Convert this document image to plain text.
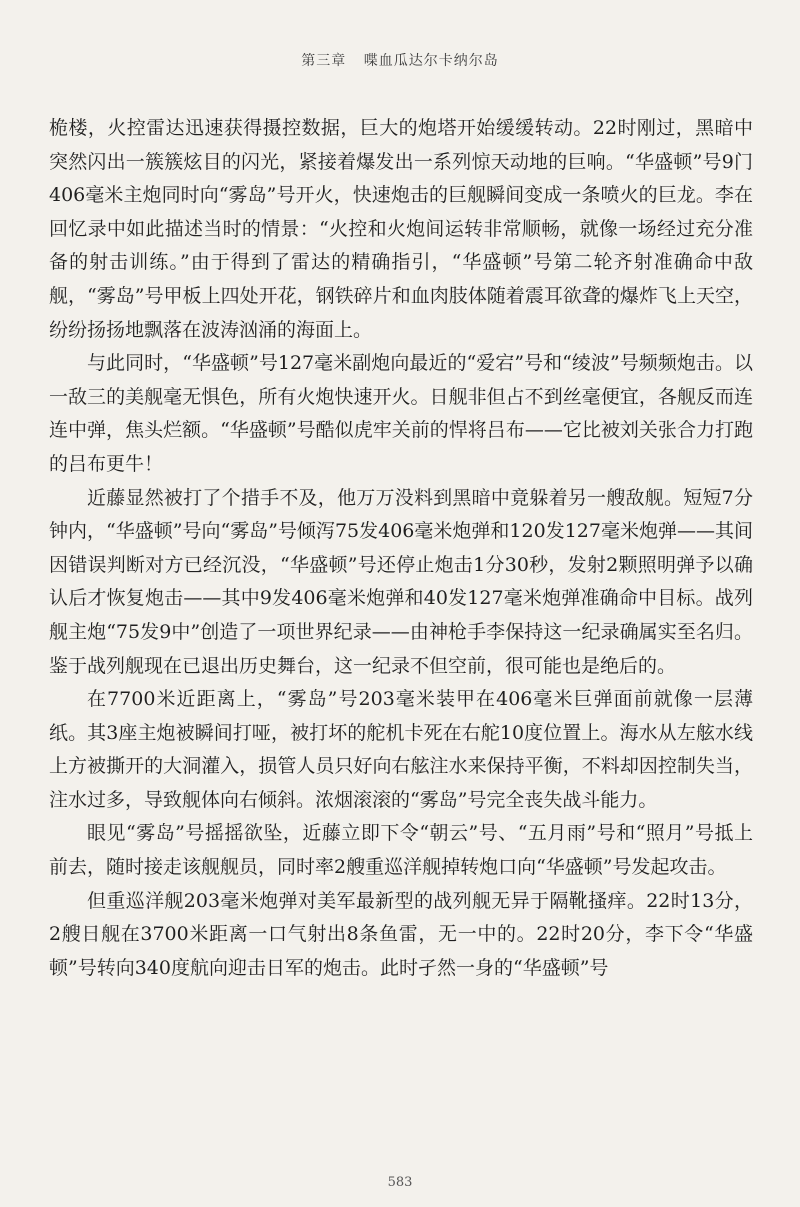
第三章 喋血瓜达尔卡纳尔岛

桅楼，火控雷达迅速获得摄控数据，巨大的炮塔开始缓缓转动。22时刚过，黑暗中突然闪出一簇簇炫目的闪光，紧接着爆发出一系列惊天动地的巨响。“华盛顿”号9门406毫米主炮同时向“雾岛”号开火，快速炮击的巨舰瞬间变成一条喷火的巨龙。李在回忆录中如此描述当时的情景：“火控和火炮间运转非常顺畅，就像一场经过充分准备的射击训练。”由于得到了雷达的精确指引，“华盛顿”号第二轮齐射准确命中敌舰，“雾岛”号甲板上四处开花，钢铁碎片和血肉肢体随着震耳欲聋的爆炸飞上天空，纷纷扬扬地飘落在波涛汹涌的海面上。

与此同时，“华盛顿”号127毫米副炮向最近的“爱宕”号和“绫波”号频频炮击。以一敌三的美舰毫无惧色，所有火炮快速开火。日舰非但占不到丝毫便宜，各舰反而连连中弹，焦头烂额。“华盛顿”号酷似虎牢关前的悍将吕布——它比被刘关张合力打跑的吕布更牛！

近藤显然被打了个措手不及，他万万没料到黑暗中竟躲着另一艘敌舰。短短7分钟内，“华盛顿”号向“雾岛”号倾泻75发406毫米炮弹和120发127毫米炮弹——其间因错误判断对方已经沉没，“华盛顿”号还停止炮击1分30秒，发射2颗照明弹予以确认后才恢复炮击——其中9发406毫米炮弹和40发127毫米炮弹准确命中目标。战列舰主炮“75发9中”创造了一项世界纪录——由神枪手李保持这一纪录确属实至名归。鉴于战列舰现在已退出历史舞台，这一纪录不但空前，很可能也是绝后的。

在7700米近距离上，“雾岛”号203毫米装甲在406毫米巨弹面前就像一层薄纸。其3座主炮被瞬间打哑，被打坏的舵机卡死在右舵10度位置上。海水从左舷水线上方被撕开的大洞灌入，损管人员只好向右舷注水来保持平衡，不料却因控制失当，注水过多，导致舰体向右倾斜。浓烟滚滚的“雾岛”号完全丧失战斗能力。

眼见“雾岛”号摇摇欲坠，近藤立即下令“朝云”号、“五月雨”号和“照月”号抵上前去，随时接走该舰舰员，同时率2艘重巡洋舰掉转炮口向“华盛顿”号发起攻击。

但重巡洋舰203毫米炮弹对美军最新型的战列舰无异于隔靴搔痒。22时13分，2艘日舰在3700米距离一口气射出8条鱼雷，无一中的。22时20分，李下令“华盛顿”号转向340度航向迎击日军的炮击。此时孑然一身的“华盛顿”号

583
